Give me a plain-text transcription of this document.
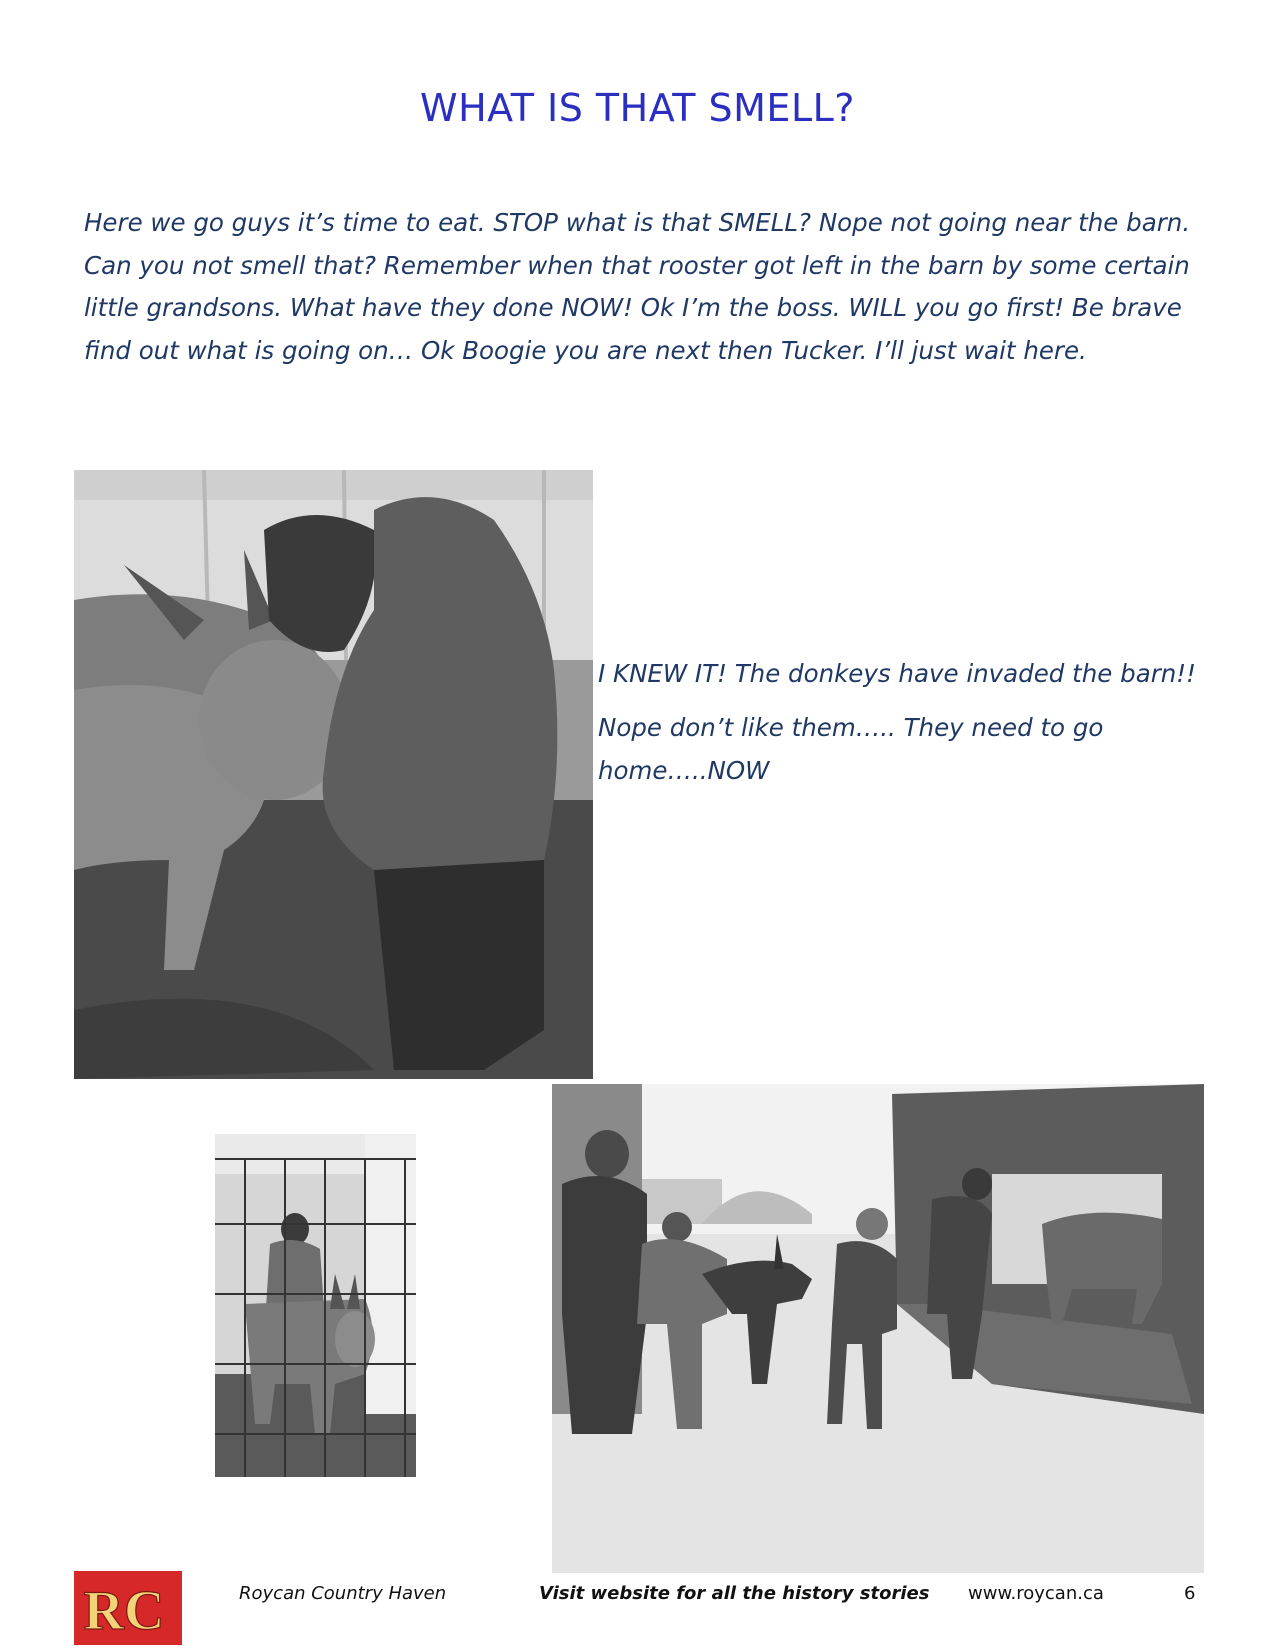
WHAT IS THAT SMELL?

Here we go guys it’s time to eat. STOP what is that SMELL? Nope not going near the barn. Can you not smell that? Remember when that rooster got left in the barn by some certain little grandsons. What have they done NOW! Ok I’m the boss. WILL you go first! Be brave find out what is going on… Ok Boogie you are next then Tucker. I’ll just wait here.

I KNEW IT! The donkeys have invaded the barn!!

Nope don’t like them….. They need to go home…..NOW

RC	Roycan Country Haven	Visit website for all the history stories www.roycan.ca	6
